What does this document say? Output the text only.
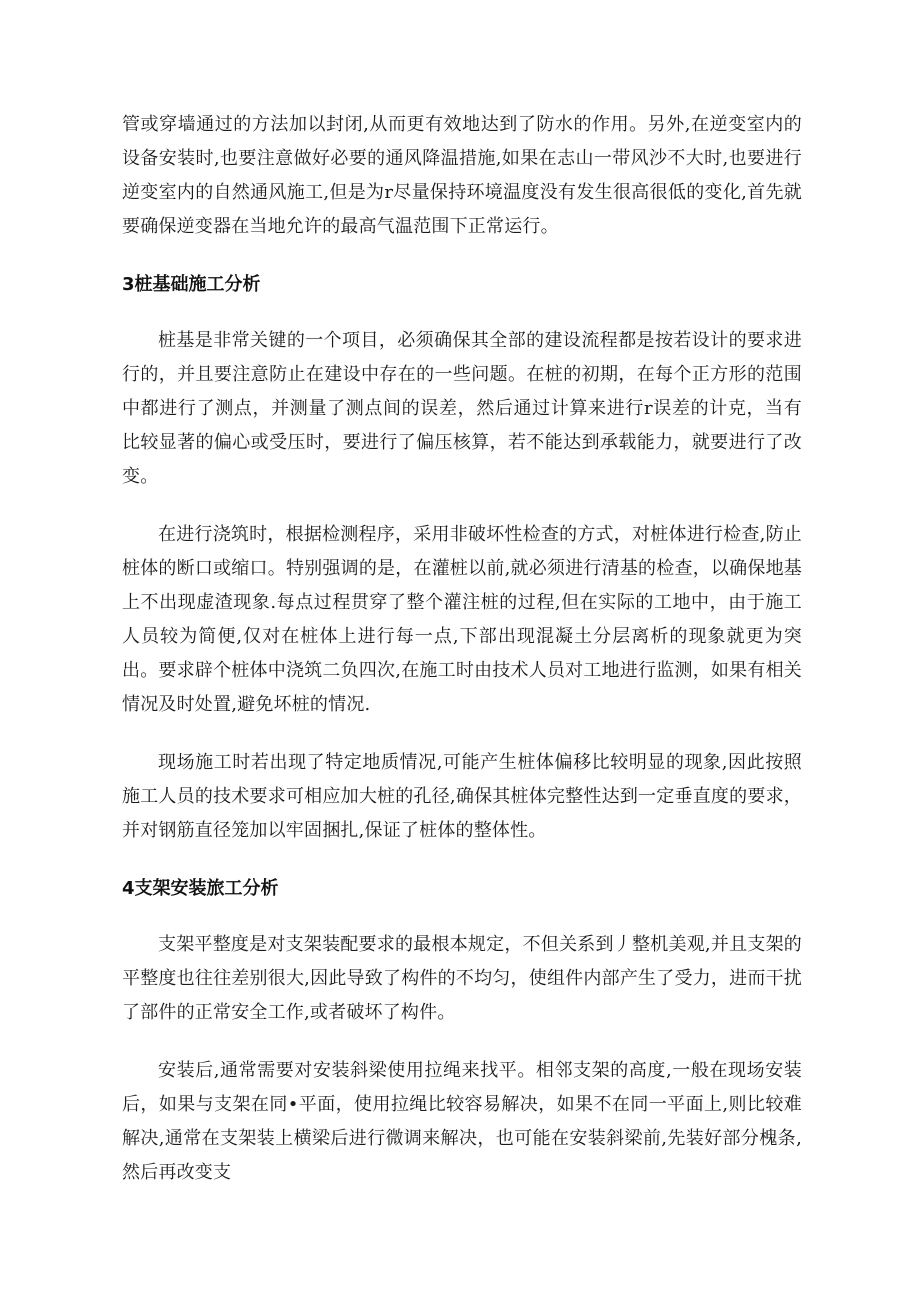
管或穿墙通过的方法加以封闭,从而更有效地达到了防水的作用。另外,在逆变室内的设备安装时,也要注意做好必要的通风降温措施,如果在志山一带风沙不大时,也要进行逆变室内的自然通风施工,但是为r尽量保持环境温度没有发生很高很低的变化,首先就要确保逆变器在当地允许的最高气温范围下正常运行。

3桩基础施工分析

桩基是非常关键的一个项目，必须确保其全部的建设流程都是按若设计的要求进行的，并且要注意防止在建设中存在的一些问题。在桩的初期，在每个正方形的范围中都进行了测点，并测量了测点间的误差，然后通过计算来进行r误差的计克，当有比较显著的偏心或受压时，要进行了偏压核算，若不能达到承载能力，就要进行了改变。

在进行浇筑时，根据检测程序，采用非破坏性检查的方式，对桩体进行检查,防止桩体的断口或缩口。特别强调的是，在灌桩以前,就必须进行清基的检查，以确保地基上不出现虚渣现象.每点过程贯穿了整个灌注桩的过程,但在实际的工地中，由于施工人员较为简便,仅对在桩体上进行每一点,下部出现混凝土分层离析的现象就更为突出。要求辟个桩体中浇筑二负四次,在施工时由技术人员对工地进行监测，如果有相关情况及时处置,避免坏桩的情况.

现场施工时若出现了特定地质情况,可能产生桩体偏移比较明显的现象,因此按照施工人员的技术要求可相应加大桩的孔径,确保其桩体完整性达到一定垂直度的要求，并对钢筋直径笼加以牢固捆扎,保证了桩体的整体性。

4支架安装旅工分析

支架平整度是对支架装配要求的最根本规定，不但关系到丿整机美观,并且支架的平整度也往往差别很大,因此导致了构件的不均匀，使组件内部产生了受力，进而干扰了部件的正常安全工作,或者破坏了构件。

安装后,通常需要对安装斜梁使用拉绳来找平。相邻支架的高度,一般在现场安装后，如果与支架在同•平面，使用拉绳比较容易解决，如果不在同一平面上,则比较难解决,通常在支架装上横梁后进行微调来解决，也可能在安装斜梁前,先装好部分槐条,然后再改变支
